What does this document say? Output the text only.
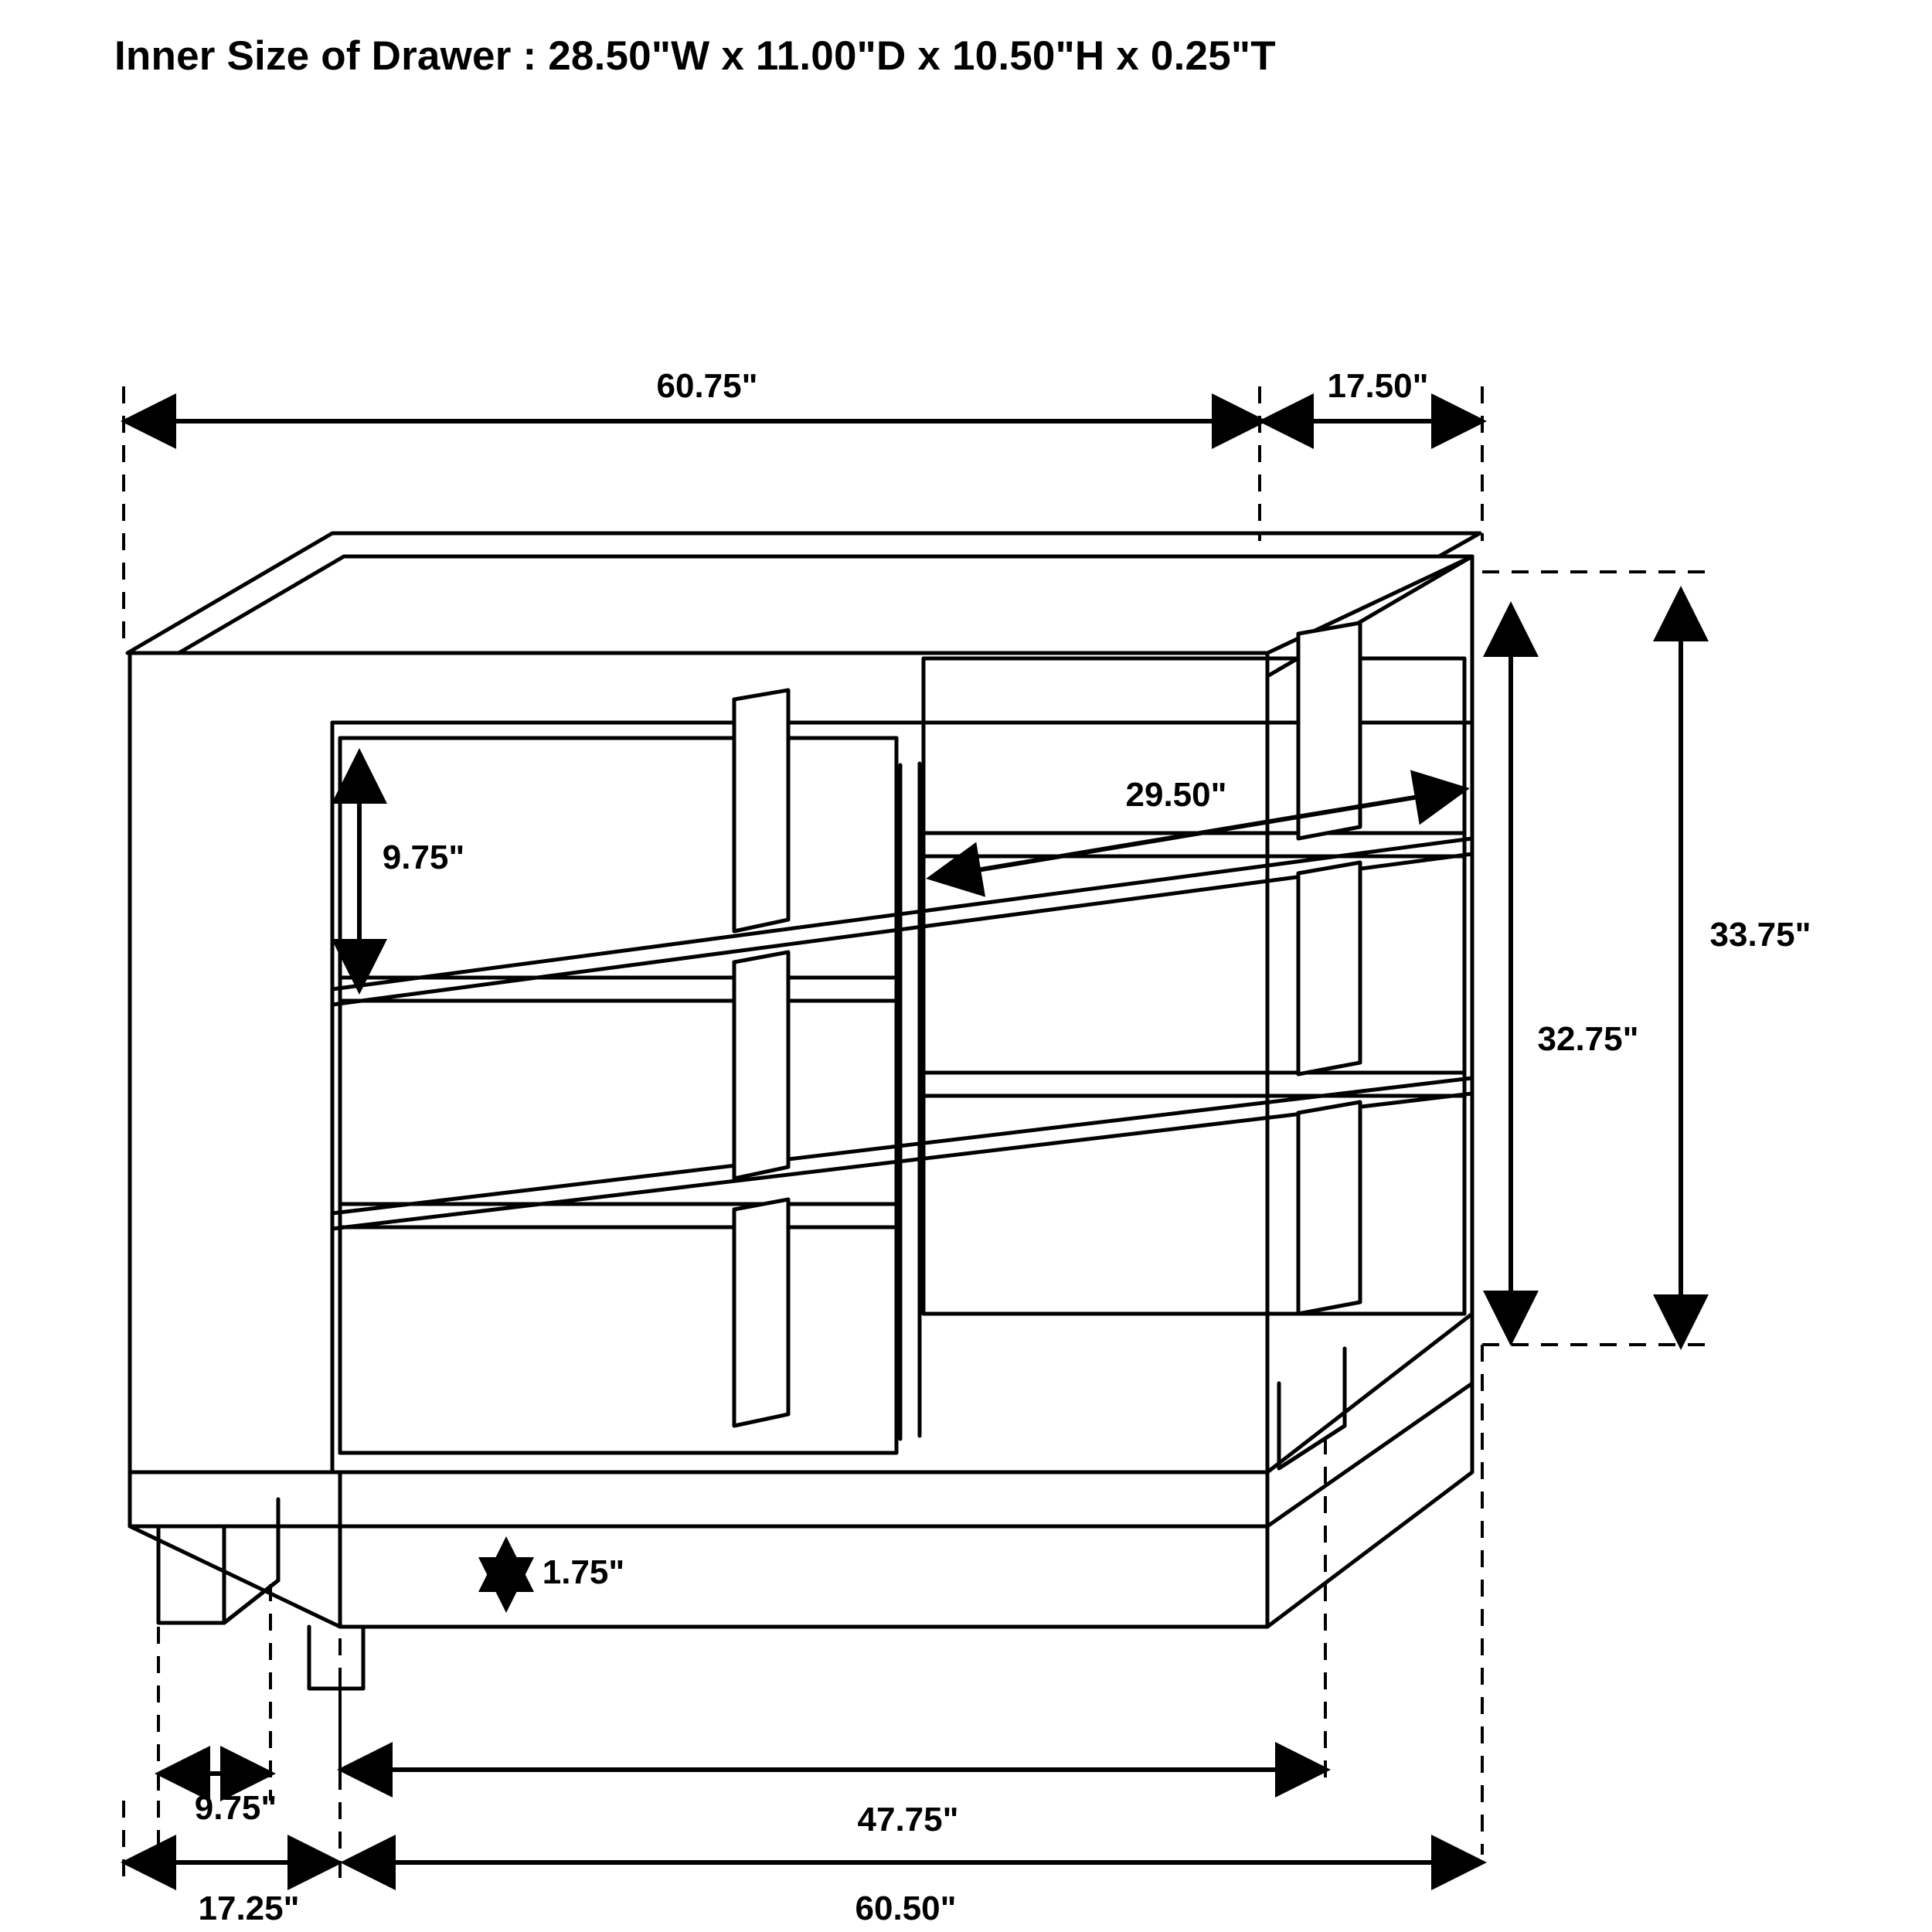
Inner Size of Drawer : 28.50"W x 11.00"D x 10.50"H x 0.25"T
60.75"	17.50"
9.75"
29.50"
33.75"
32.75"
1.75"
9.75"	47.75"
17.25"	60.50"
